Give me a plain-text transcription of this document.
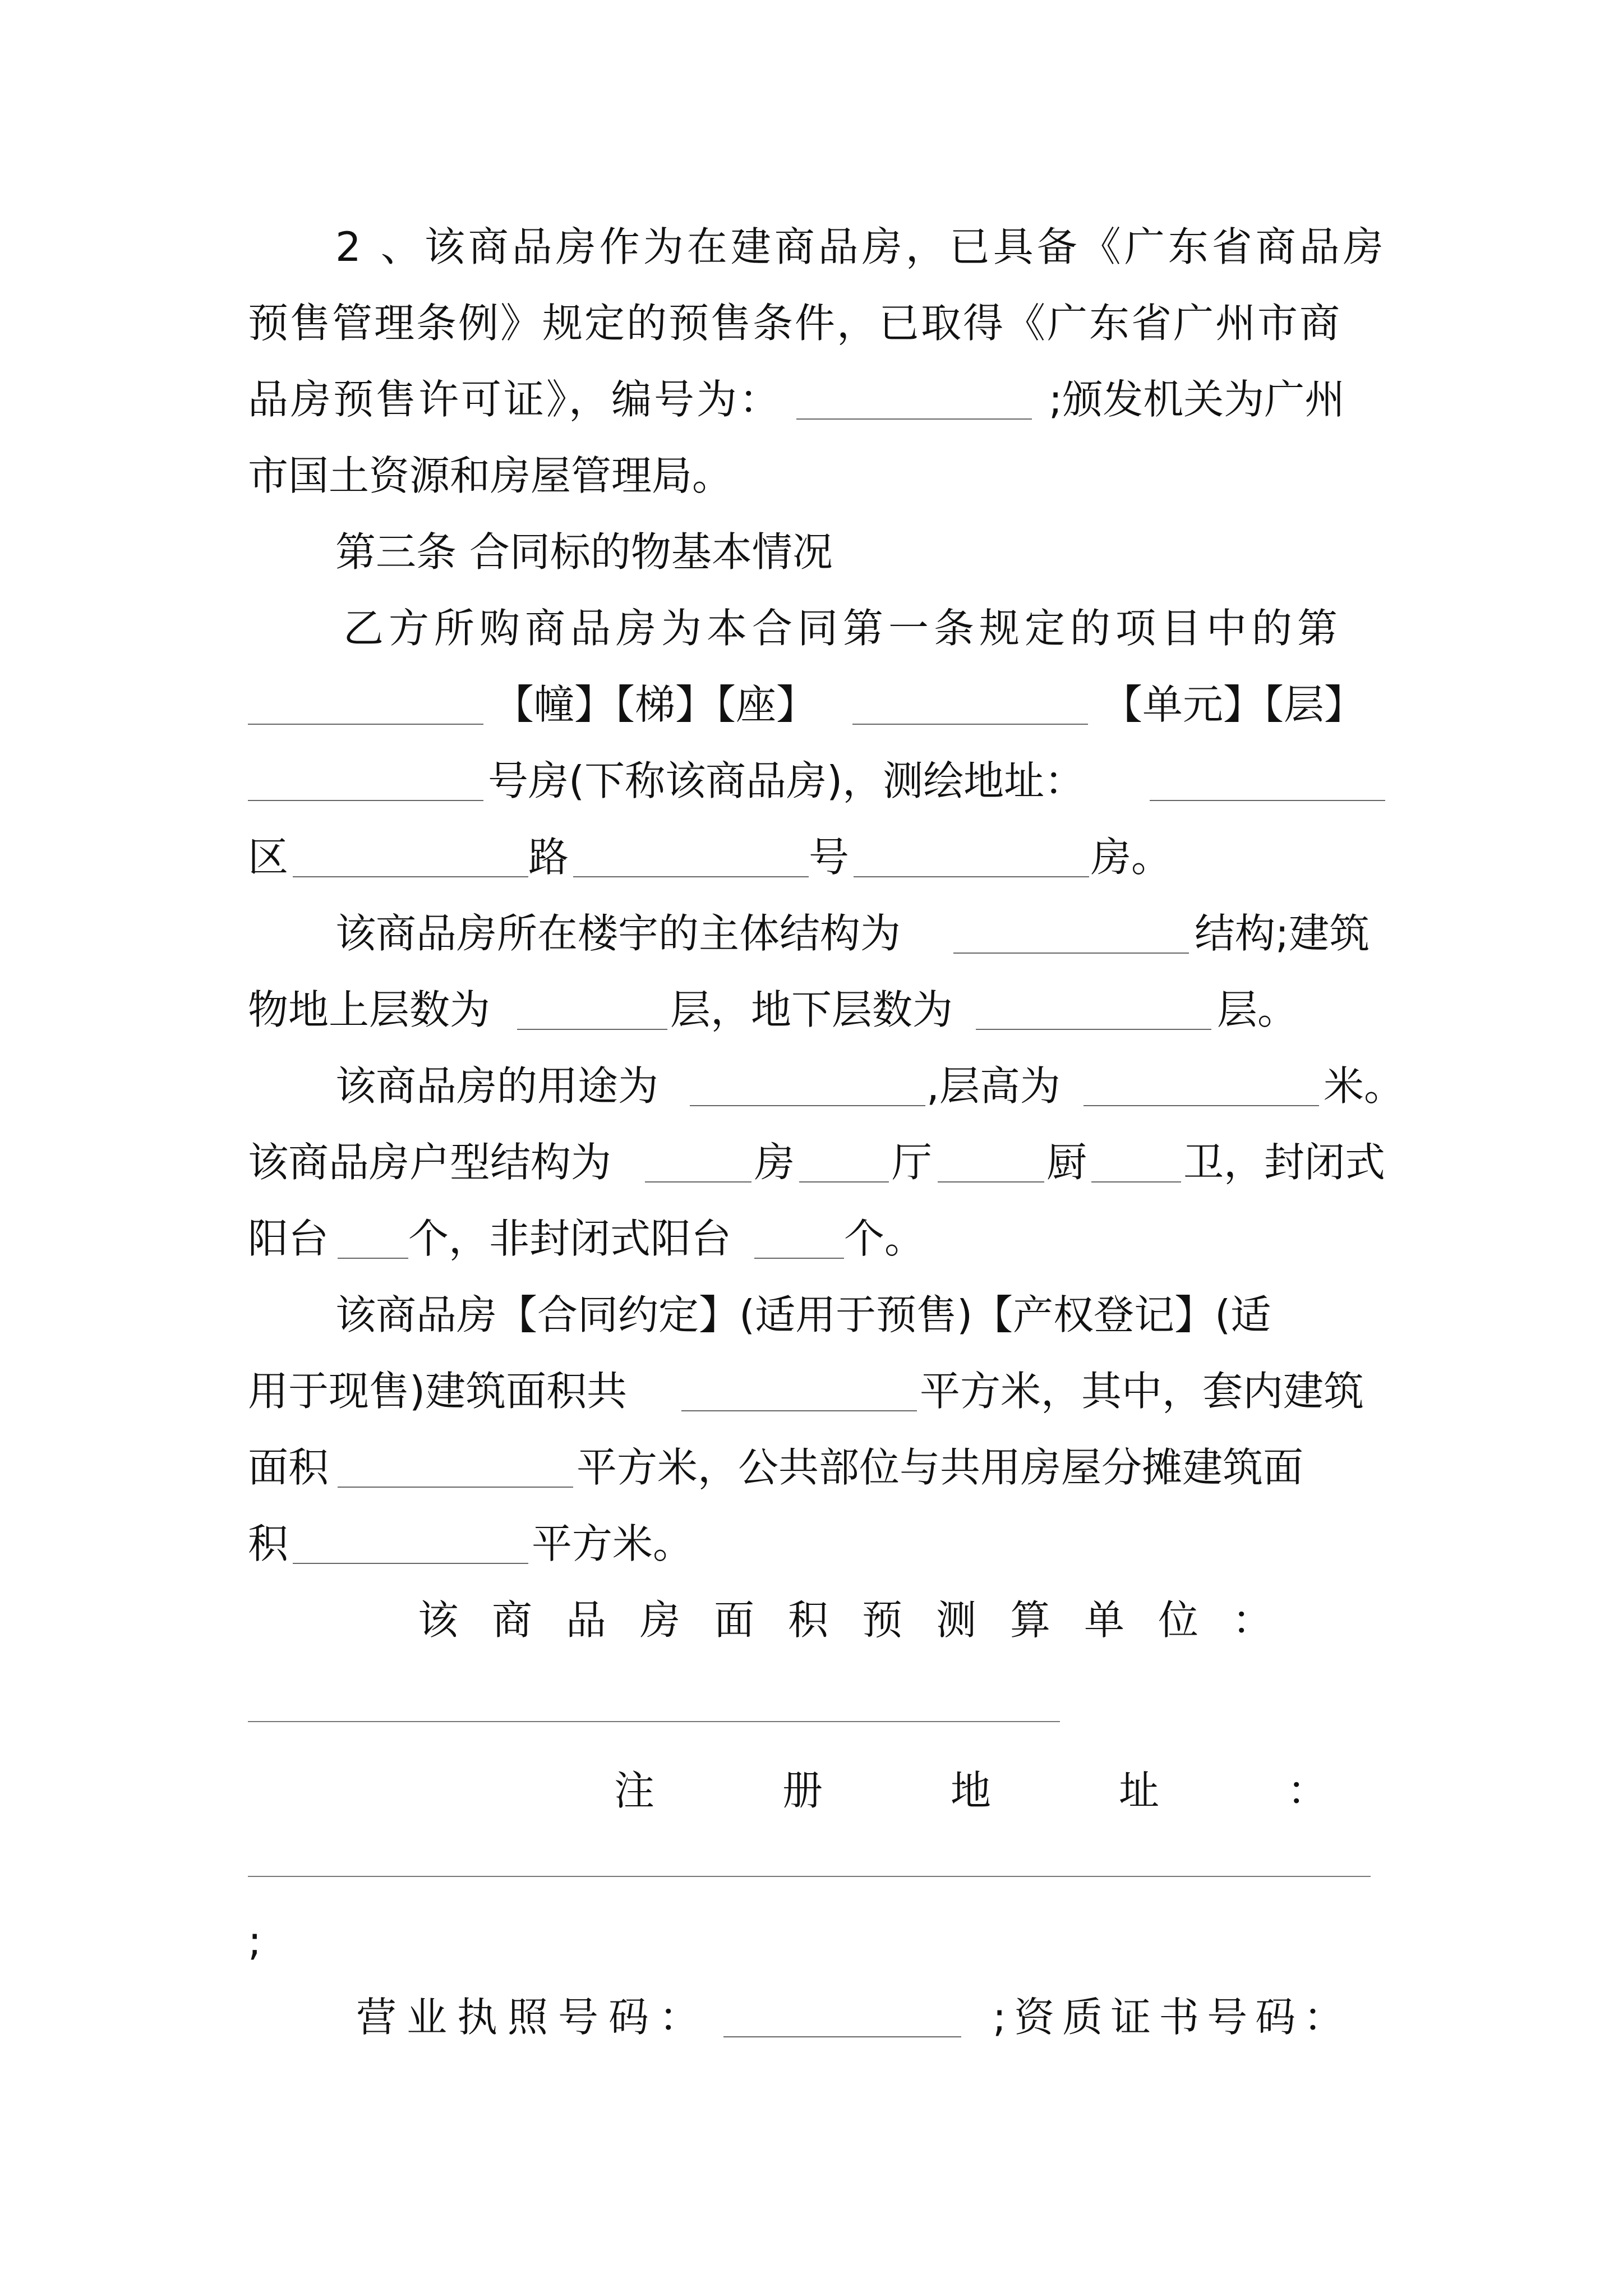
2 、该商品房作为在建商品房，已具备《广东省商品房
预售管理条例》规定的预售条件，已取得《广东省广州市商
品房预售许可证》，编号为：	;颁发机关为广州
市国土资源和房屋管理局。
第三条 合同标的物基本情况
乙方所购商品房为本合同第一条规定的项目中的第
【幢】【梯】【座】	【单元】【层】
号房(下称该商品房)，测绘地址：
区	路	号	房。
该商品房所在楼宇的主体结构为	结构;建筑
物地上层数为	层，地下层数为	层。
该商品房的用途为	,层高为	米。
该商品房户型结构为	房 厅	厨 卫，封闭式
阳台 个，非封闭式阳台	个。
该商品房【合同约定】(适用于预售)【产权登记】(适
用于现售)建筑面积共	平方米，其中，套内建筑
面积	平方米，公共部位与共用房屋分摊建筑面
积	平方米。
该商品房面积预测算单位：
注册地址：
;
营业执照号码：	;资质证书号码：
